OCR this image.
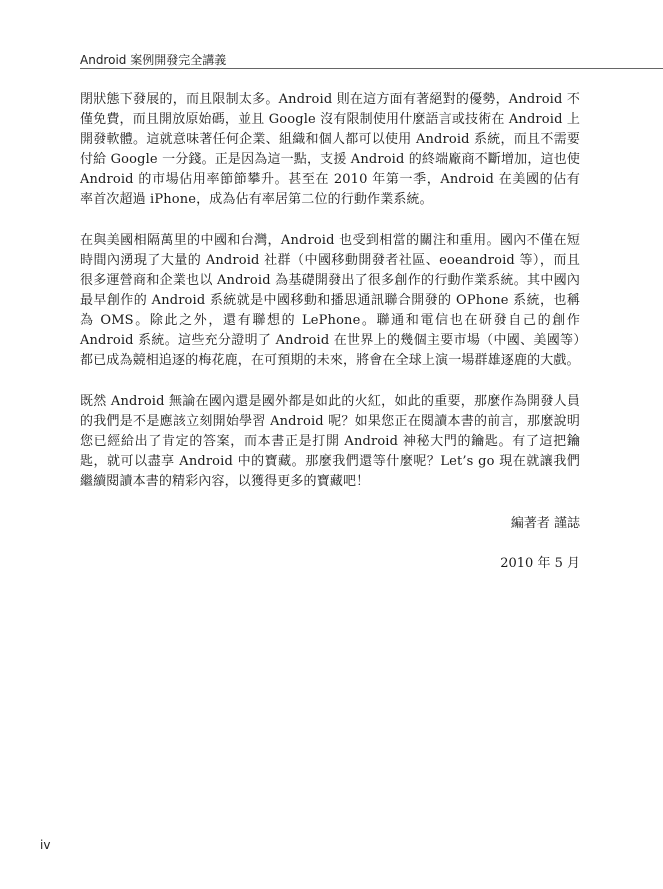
Android 案例開發完全講義

閉狀態下發展的，而且限制太多。Android 則在這方面有著絕對的優勢，Android 不僅免費，而且開放原始碼，並且 Google 沒有限制使用什麼語言或技術在 Android 上開發軟體。這就意味著任何企業、組織和個人都可以使用 Android 系統，而且不需要付給 Google 一分錢。正是因為這一點，支援 Android 的終端廠商不斷增加，這也使 Android 的市場佔用率節節攀升。甚至在 2010 年第一季，Android 在美國的佔有率首次超過 iPhone，成為佔有率居第二位的行動作業系統。

在與美國相隔萬里的中國和台灣，Android 也受到相當的關注和重用。國內不僅在短時間內湧現了大量的 Android 社群（中國移動開發者社區、eoeandroid 等），而且很多運營商和企業也以 Android 為基礎開發出了很多創作的行動作業系統。其中國內最早創作的 Android 系統就是中國移動和播思通訊聯合開發的 OPhone 系統，也稱為 OMS。除此之外，還有聯想的 LePhone。聯通和電信也在研發自己的創作 Android 系統。這些充分證明了 Android 在世界上的幾個主要市場（中國、美國等）都已成為競相追逐的梅花鹿，在可預期的未來，將會在全球上演一場群雄逐鹿的大戲。

既然 Android 無論在國內還是國外都是如此的火紅，如此的重要，那麼作為開發人員的我們是不是應該立刻開始學習 Android 呢？如果您正在閱讀本書的前言，那麼說明您已經給出了肯定的答案，而本書正是打開 Android 神秘大門的鑰匙。有了這把鑰匙，就可以盡享 Android 中的寶藏。那麼我們還等什麼呢？Let’s go 現在就讓我們繼續閱讀本書的精彩內容，以獲得更多的寶藏吧！

編著者 謹誌
2010 年 5 月
iv
